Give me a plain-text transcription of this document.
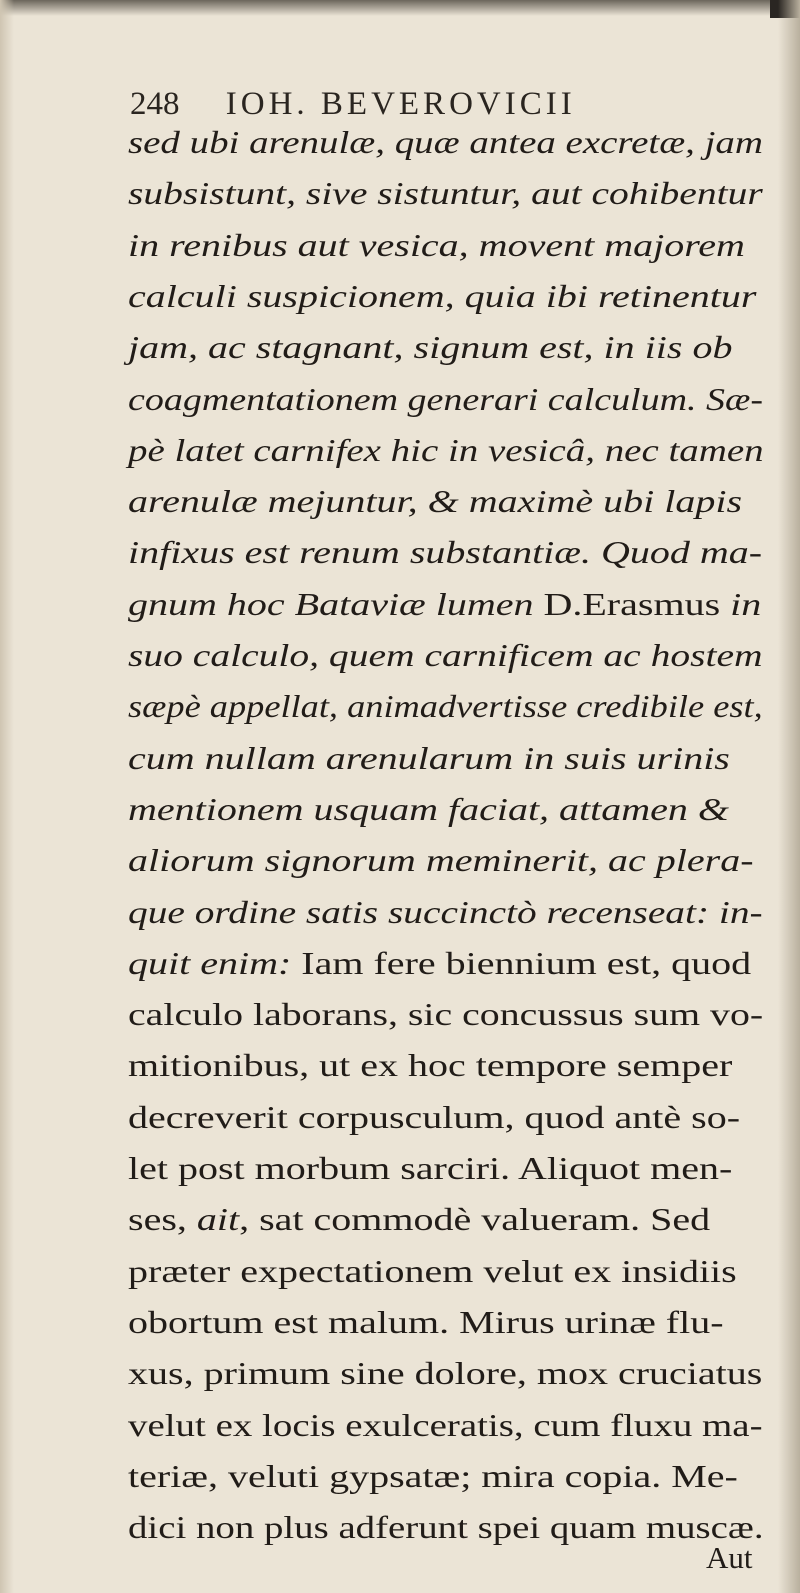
248 IOH. BEVEROVICII
sed ubi arenulæ, quæ antea excretæ, jam
subsistunt, sive sistuntur, aut cohibentur
in renibus aut vesica, movent majorem
calculi suspicionem, quia ibi retinentur
jam, ac stagnant, signum est, in iis ob
coagmentationem generari calculum. Sæ-
pè latet carnifex hic in vesicâ, nec tamen
arenulæ mejuntur, & maximè ubi lapis
infixus est renum substantiæ. Quod ma-
gnum hoc Bataviæ lumen D.Erasmus in
suo calculo, quem carnificem ac hostem
sæpè appellat, animadvertisse credibile est,
cum nullam arenularum in suis urinis
mentionem usquam faciat, attamen &
aliorum signorum meminerit, ac plera-
que ordine satis succinctò recenseat: in-
quit enim: Iam fere biennium est, quod
calculo laborans, sic concussus sum vo-
mitionibus, ut ex hoc tempore semper
decreverit corpusculum, quod antè so-
let post morbum sarciri. Aliquot men-
ses, ait, sat commodè valueram. Sed
præter expectationem velut ex insidiis
obortum est malum. Mirus urinæ flu-
xus, primum sine dolore, mox cruciatus
velut ex locis exulceratis, cum fluxu ma-
teriæ, veluti gypsatæ; mira copia. Me-
dici non plus adferunt spei quam muscæ.
Aut
